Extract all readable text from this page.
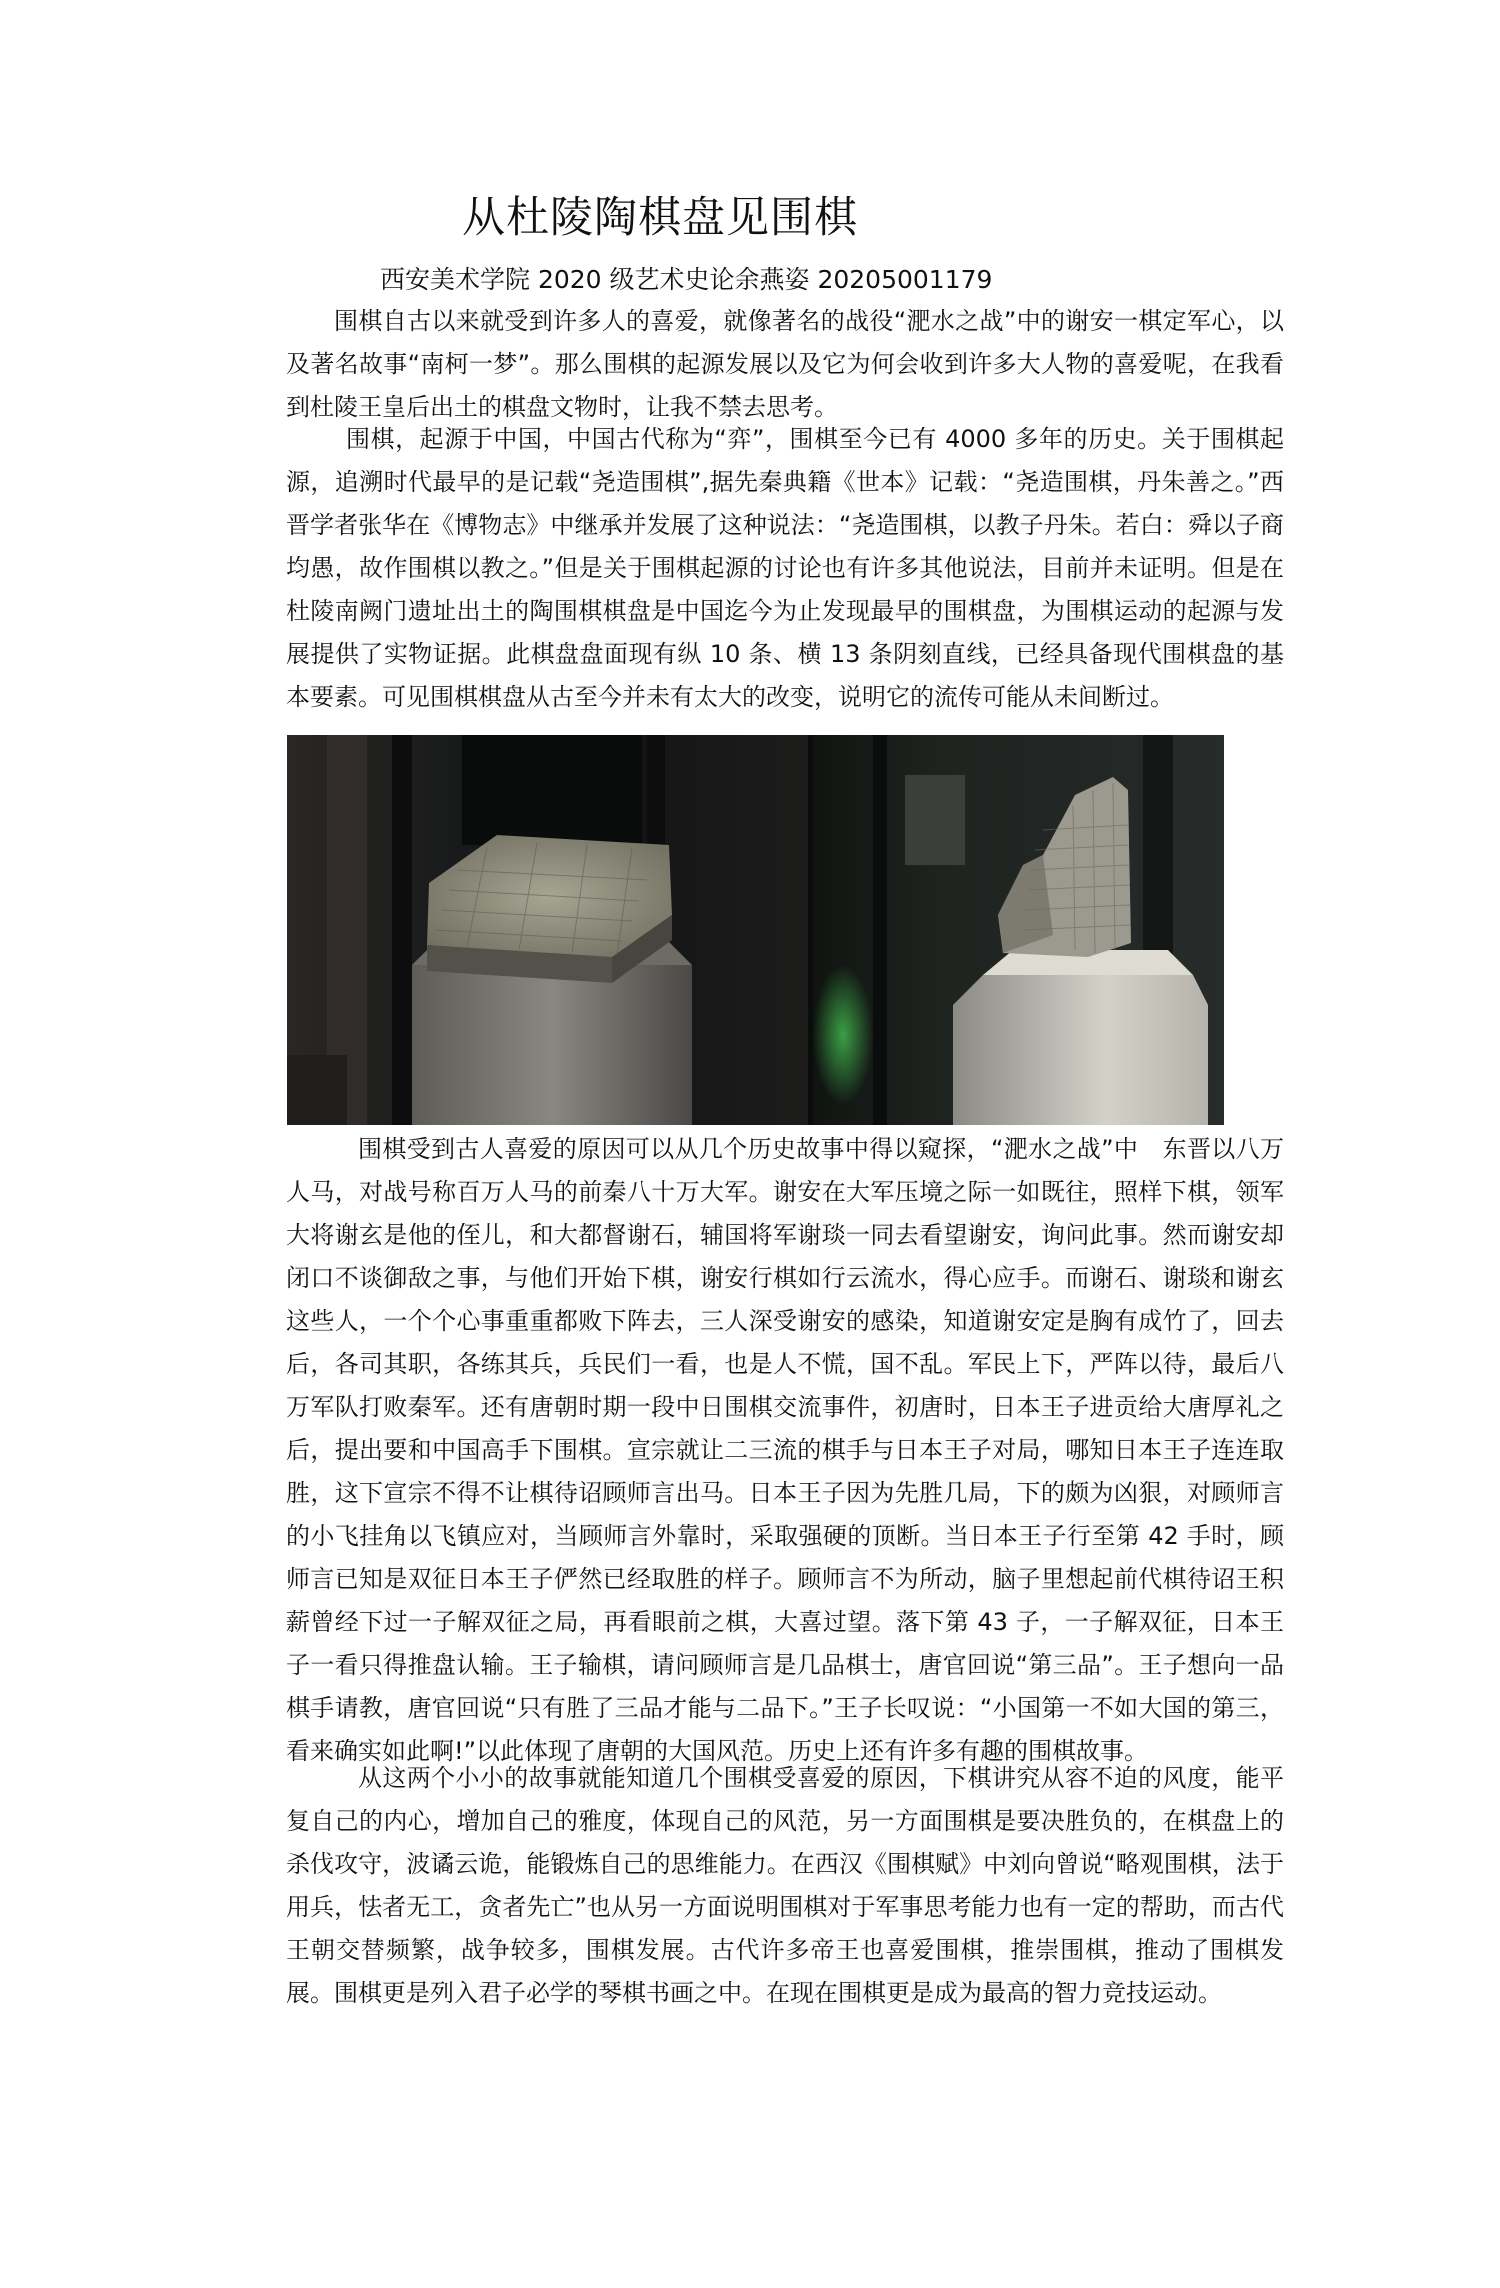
从杜陵陶棋盘见围棋
西安美术学院 2020 级艺术史论余燕姿 20205001179

围棋自古以来就受到许多人的喜爱，就像著名的战役“淝水之战”中的谢安一棋定军心，以及著名故事“南柯一梦”。那么围棋的起源发展以及它为何会收到许多大人物的喜爱呢，在我看到杜陵王皇后出土的棋盘文物时，让我不禁去思考。

围棋，起源于中国，中国古代称为“弈”，围棋至今已有 4000 多年的历史。关于围棋起源，追溯时代最早的是记载“尧造围棋”,据先秦典籍《世本》记载：“尧造围棋，丹朱善之。”西晋学者张华在《博物志》中继承并发展了这种说法：“尧造围棋，以教子丹朱。若白：舜以子商均愚，故作围棋以教之。”但是关于围棋起源的讨论也有许多其他说法，目前并未证明。但是在杜陵南阙门遗址出土的陶围棋棋盘是中国迄今为止发现最早的围棋盘，为围棋运动的起源与发展提供了实物证据。此棋盘盘面现有纵 10 条、横 13 条阴刻直线，已经具备现代围棋盘的基本要素。可见围棋棋盘从古至今并未有太大的改变，说明它的流传可能从未间断过。

围棋受到古人喜爱的原因可以从几个历史故事中得以窥探，“淝水之战”中　东晋以八万人马，对战号称百万人马的前秦八十万大军。谢安在大军压境之际一如既往，照样下棋，领军大将谢玄是他的侄儿，和大都督谢石，辅国将军谢琰一同去看望谢安，询问此事。然而谢安却闭口不谈御敌之事，与他们开始下棋，谢安行棋如行云流水，得心应手。而谢石、谢琰和谢玄这些人，一个个心事重重都败下阵去，三人深受谢安的感染，知道谢安定是胸有成竹了，回去后，各司其职，各练其兵，兵民们一看，也是人不慌，国不乱。军民上下，严阵以待，最后八万军队打败秦军。还有唐朝时期一段中日围棋交流事件，初唐时，日本王子进贡给大唐厚礼之后，提出要和中国高手下围棋。宣宗就让二三流的棋手与日本王子对局，哪知日本王子连连取胜，这下宣宗不得不让棋待诏顾师言出马。日本王子因为先胜几局，下的颇为凶狠，对顾师言的小飞挂角以飞镇应对，当顾师言外靠时，采取强硬的顶断。当日本王子行至第 42 手时，顾师言已知是双征日本王子俨然已经取胜的样子。顾师言不为所动，脑子里想起前代棋待诏王积薪曾经下过一子解双征之局，再看眼前之棋，大喜过望。落下第 43 子，一子解双征，日本王子一看只得推盘认输。王子输棋，请问顾师言是几品棋士，唐官回说“第三品”。王子想向一品棋手请教，唐官回说“只有胜了三品才能与二品下。”王子长叹说：“小国第一不如大国的第三，看来确实如此啊!”以此体现了唐朝的大国风范。历史上还有许多有趣的围棋故事。

从这两个小小的故事就能知道几个围棋受喜爱的原因，下棋讲究从容不迫的风度，能平复自己的内心，增加自己的雅度，体现自己的风范，另一方面围棋是要决胜负的，在棋盘上的杀伐攻守，波谲云诡，能锻炼自己的思维能力。在西汉《围棋赋》中刘向曾说“略观围棋，法于用兵，怯者无工，贪者先亡”也从另一方面说明围棋对于军事思考能力也有一定的帮助，而古代王朝交替频繁，战争较多，围棋发展。古代许多帝王也喜爱围棋，推崇围棋，推动了围棋发展。围棋更是列入君子必学的琴棋书画之中。在现在围棋更是成为最高的智力竞技运动。
